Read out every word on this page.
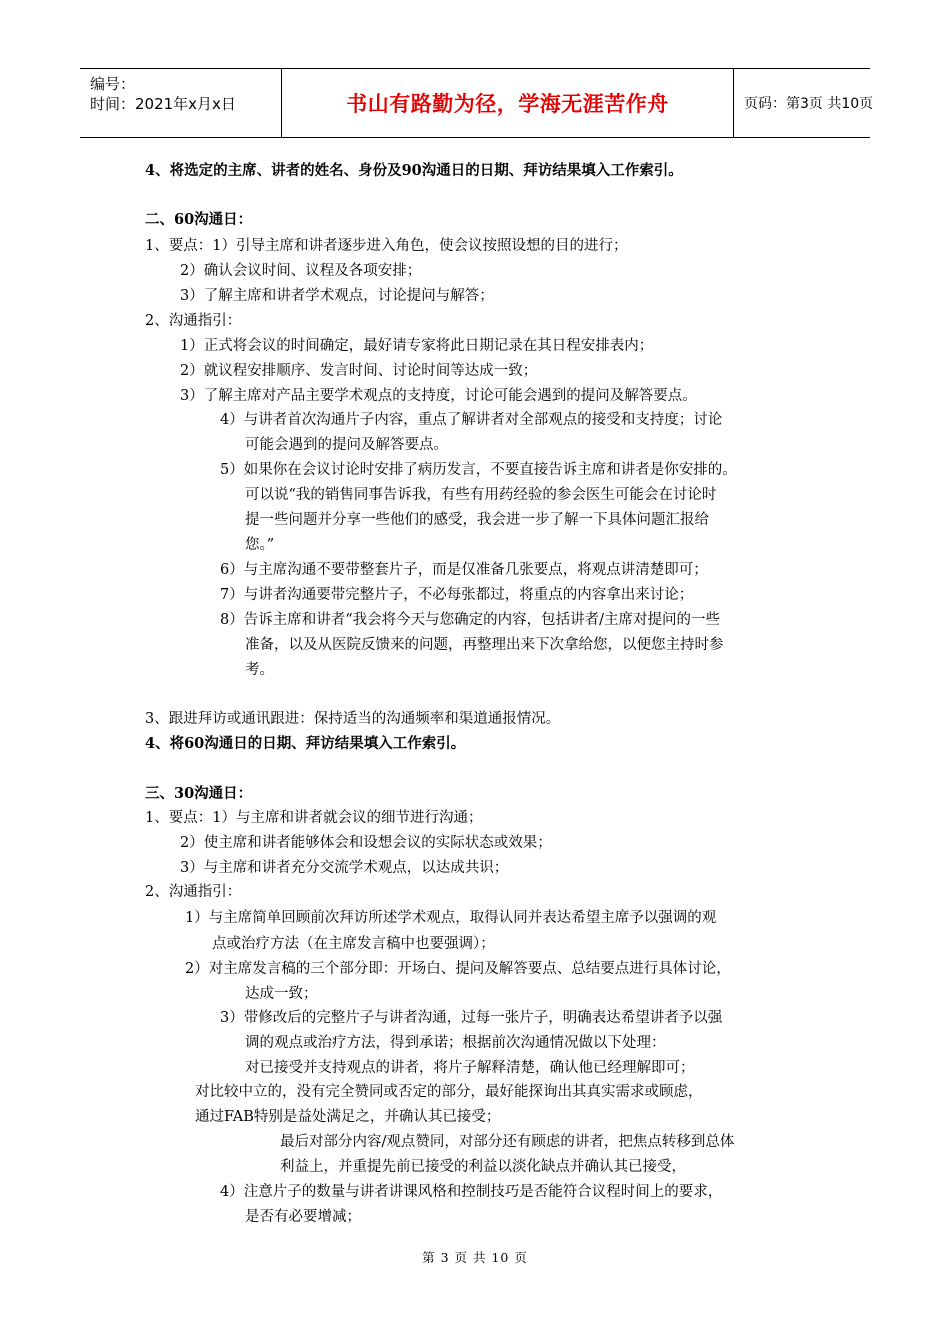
编号：
时间：2021年x月x日	书山有路勤为径，学海无涯苦作舟	页码：第3页 共10页
4、将选定的主席、讲者的姓名、身份及90沟通日的日期、拜访结果填入工作索引。
二、60沟通日：
1、要点：1）引导主席和讲者逐步进入角色，使会议按照设想的目的进行；
2）确认会议时间、议程及各项安排；
3）了解主席和讲者学术观点，讨论提问与解答；
2、沟通指引：
1）正式将会议的时间确定，最好请专家将此日期记录在其日程安排表内；
2）就议程安排顺序、发言时间、讨论时间等达成一致；
3）了解主席对产品主要学术观点的支持度，讨论可能会遇到的提问及解答要点。
4）与讲者首次沟通片子内容，重点了解讲者对全部观点的接受和支持度；讨论
可能会遇到的提问及解答要点。
5）如果你在会议讨论时安排了病历发言，不要直接告诉主席和讲者是你安排的。
可以说“我的销售同事告诉我，有些有用药经验的参会医生可能会在讨论时
提一些问题并分享一些他们的感受，我会进一步了解一下具体问题汇报给
您。”
6）与主席沟通不要带整套片子，而是仅准备几张要点，将观点讲清楚即可；
7）与讲者沟通要带完整片子，不必每张都过，将重点的内容拿出来讨论；
8）告诉主席和讲者“我会将今天与您确定的内容，包括讲者/主席对提问的一些
准备，以及从医院反馈来的问题，再整理出来下次拿给您，以便您主持时参
考。
3、跟进拜访或通讯跟进：保持适当的沟通频率和渠道通报情况。
4、将60沟通日的日期、拜访结果填入工作索引。
三、30沟通日：
1、要点：1）与主席和讲者就会议的细节进行沟通；
2）使主席和讲者能够体会和设想会议的实际状态或效果；
3）与主席和讲者充分交流学术观点，以达成共识；
2、沟通指引：
1）与主席简单回顾前次拜访所述学术观点，取得认同并表达希望主席予以强调的观
点或治疗方法（在主席发言稿中也要强调）；
2）对主席发言稿的三个部分即：开场白、提问及解答要点、总结要点进行具体讨论，
达成一致；
3）带修改后的完整片子与讲者沟通，过每一张片子，明确表达希望讲者予以强
调的观点或治疗方法，得到承诺；根据前次沟通情况做以下处理：
对已接受并支持观点的讲者，将片子解释清楚，确认他已经理解即可；
对比较中立的，没有完全赞同或否定的部分，最好能探询出其真实需求或顾虑，
通过FAB特别是益处满足之，并确认其已接受；
最后对部分内容/观点赞同，对部分还有顾虑的讲者，把焦点转移到总体
利益上，并重提先前已接受的利益以淡化缺点并确认其已接受，
4）注意片子的数量与讲者讲课风格和控制技巧是否能符合议程时间上的要求，
是否有必要增减；
第 3 页 共 10 页
